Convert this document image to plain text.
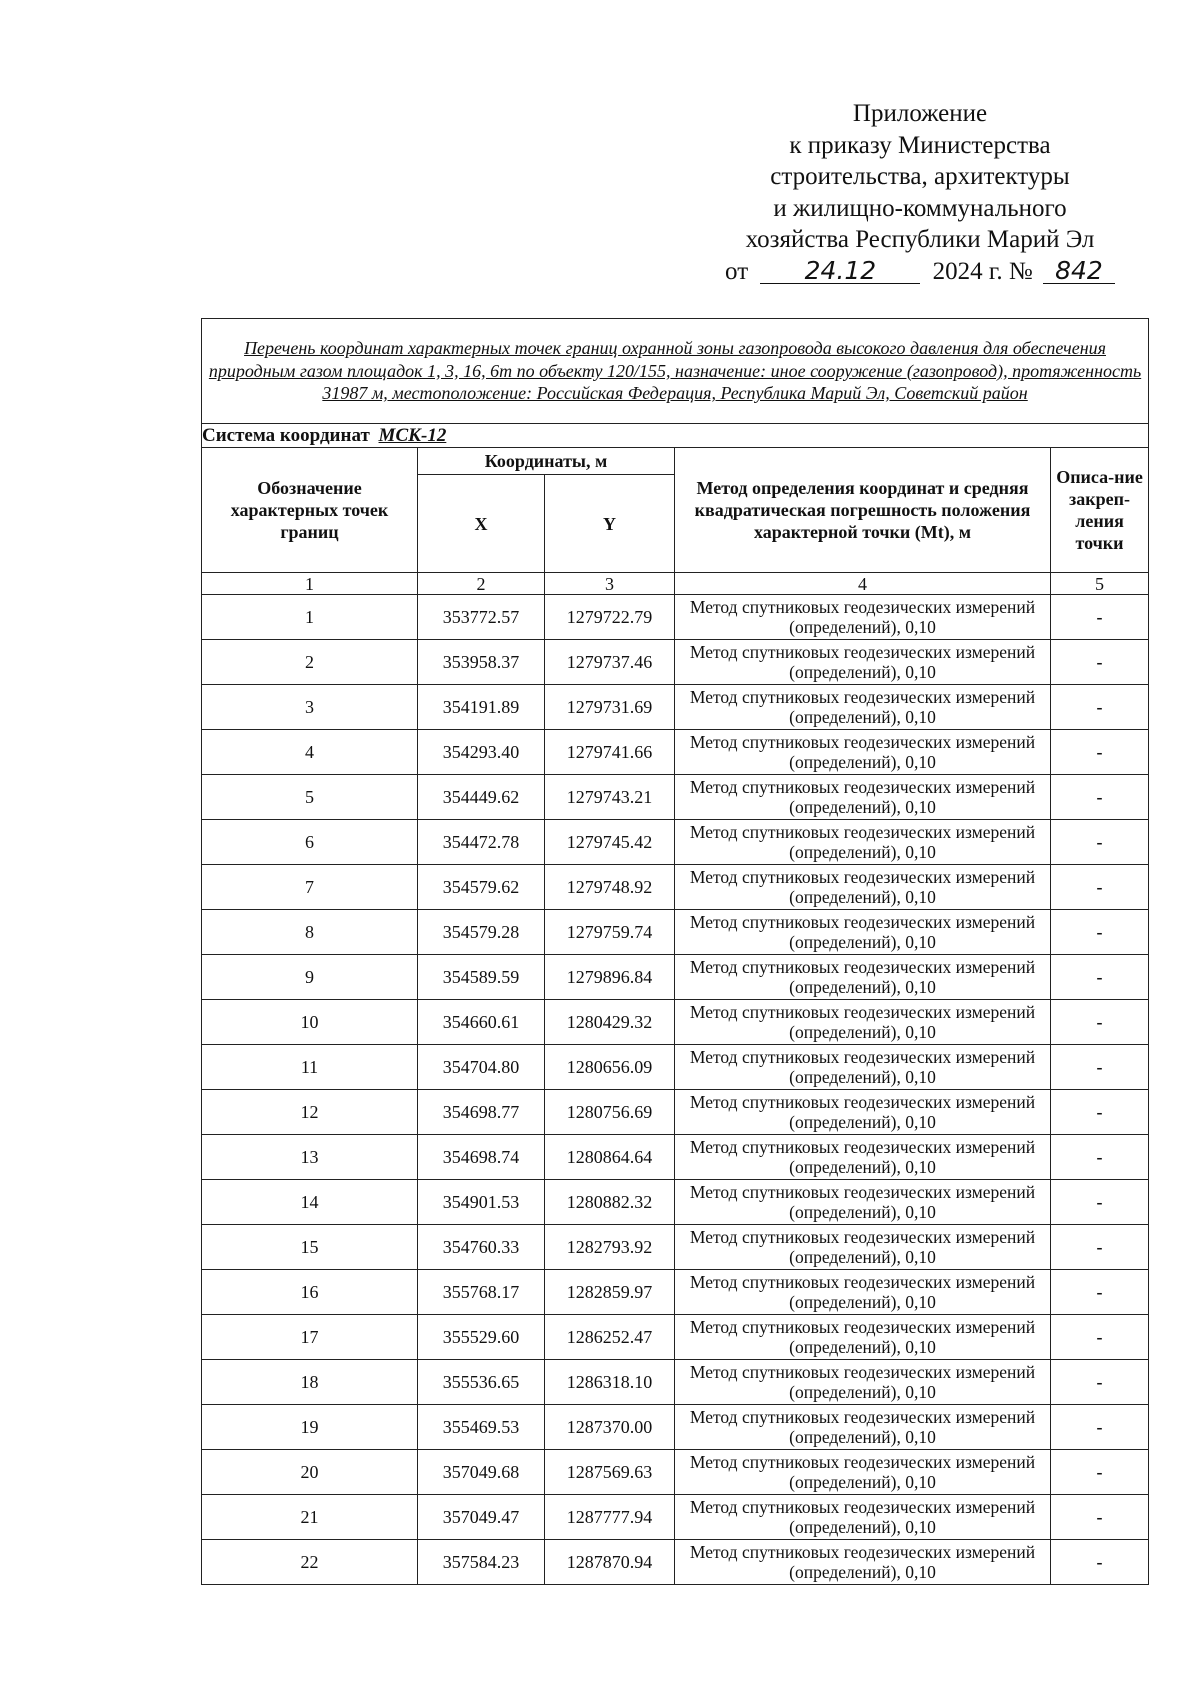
Приложение
к приказу Министерства
строительства, архитектуры
и жилищно-коммунального
хозяйства Республики Марий Эл
от 24.12 2024 г. № 842
Перечень координат характерных точек границ охранной зоны газопровода высокого давления для обеспечения природным газом площадок 1, 3, 16, 6т по объекту 120/155, назначение: иное сооружение (газопровод), протяженность 31987 м, местоположение: Российская Федерация, Республика Марий Эл, Советский район				
Система координат МСК-12				
Обозначение характерных точек границ	Координаты, м		Метод определения координат и средняя квадратическая погрешность положения характерной точки (Mt), м	Описа-ние закреп-ления точки
	X	Y		
1	2	3	4	5
1	353772.57	1279722.79	Метод спутниковых геодезических измерений (определений), 0,10	-
2	353958.37	1279737.46	Метод спутниковых геодезических измерений (определений), 0,10	-
3	354191.89	1279731.69	Метод спутниковых геодезических измерений (определений), 0,10	-
4	354293.40	1279741.66	Метод спутниковых геодезических измерений (определений), 0,10	-
5	354449.62	1279743.21	Метод спутниковых геодезических измерений (определений), 0,10	-
6	354472.78	1279745.42	Метод спутниковых геодезических измерений (определений), 0,10	-
7	354579.62	1279748.92	Метод спутниковых геодезических измерений (определений), 0,10	-
8	354579.28	1279759.74	Метод спутниковых геодезических измерений (определений), 0,10	-
9	354589.59	1279896.84	Метод спутниковых геодезических измерений (определений), 0,10	-
10	354660.61	1280429.32	Метод спутниковых геодезических измерений (определений), 0,10	-
11	354704.80	1280656.09	Метод спутниковых геодезических измерений (определений), 0,10	-
12	354698.77	1280756.69	Метод спутниковых геодезических измерений (определений), 0,10	-
13	354698.74	1280864.64	Метод спутниковых геодезических измерений (определений), 0,10	-
14	354901.53	1280882.32	Метод спутниковых геодезических измерений (определений), 0,10	-
15	354760.33	1282793.92	Метод спутниковых геодезических измерений (определений), 0,10	-
16	355768.17	1282859.97	Метод спутниковых геодезических измерений (определений), 0,10	-
17	355529.60	1286252.47	Метод спутниковых геодезических измерений (определений), 0,10	-
18	355536.65	1286318.10	Метод спутниковых геодезических измерений (определений), 0,10	-
19	355469.53	1287370.00	Метод спутниковых геодезических измерений (определений), 0,10	-
20	357049.68	1287569.63	Метод спутниковых геодезических измерений (определений), 0,10	-
21	357049.47	1287777.94	Метод спутниковых геодезических измерений (определений), 0,10	-
22	357584.23	1287870.94	Метод спутниковых геодезических измерений (определений), 0,10	-
